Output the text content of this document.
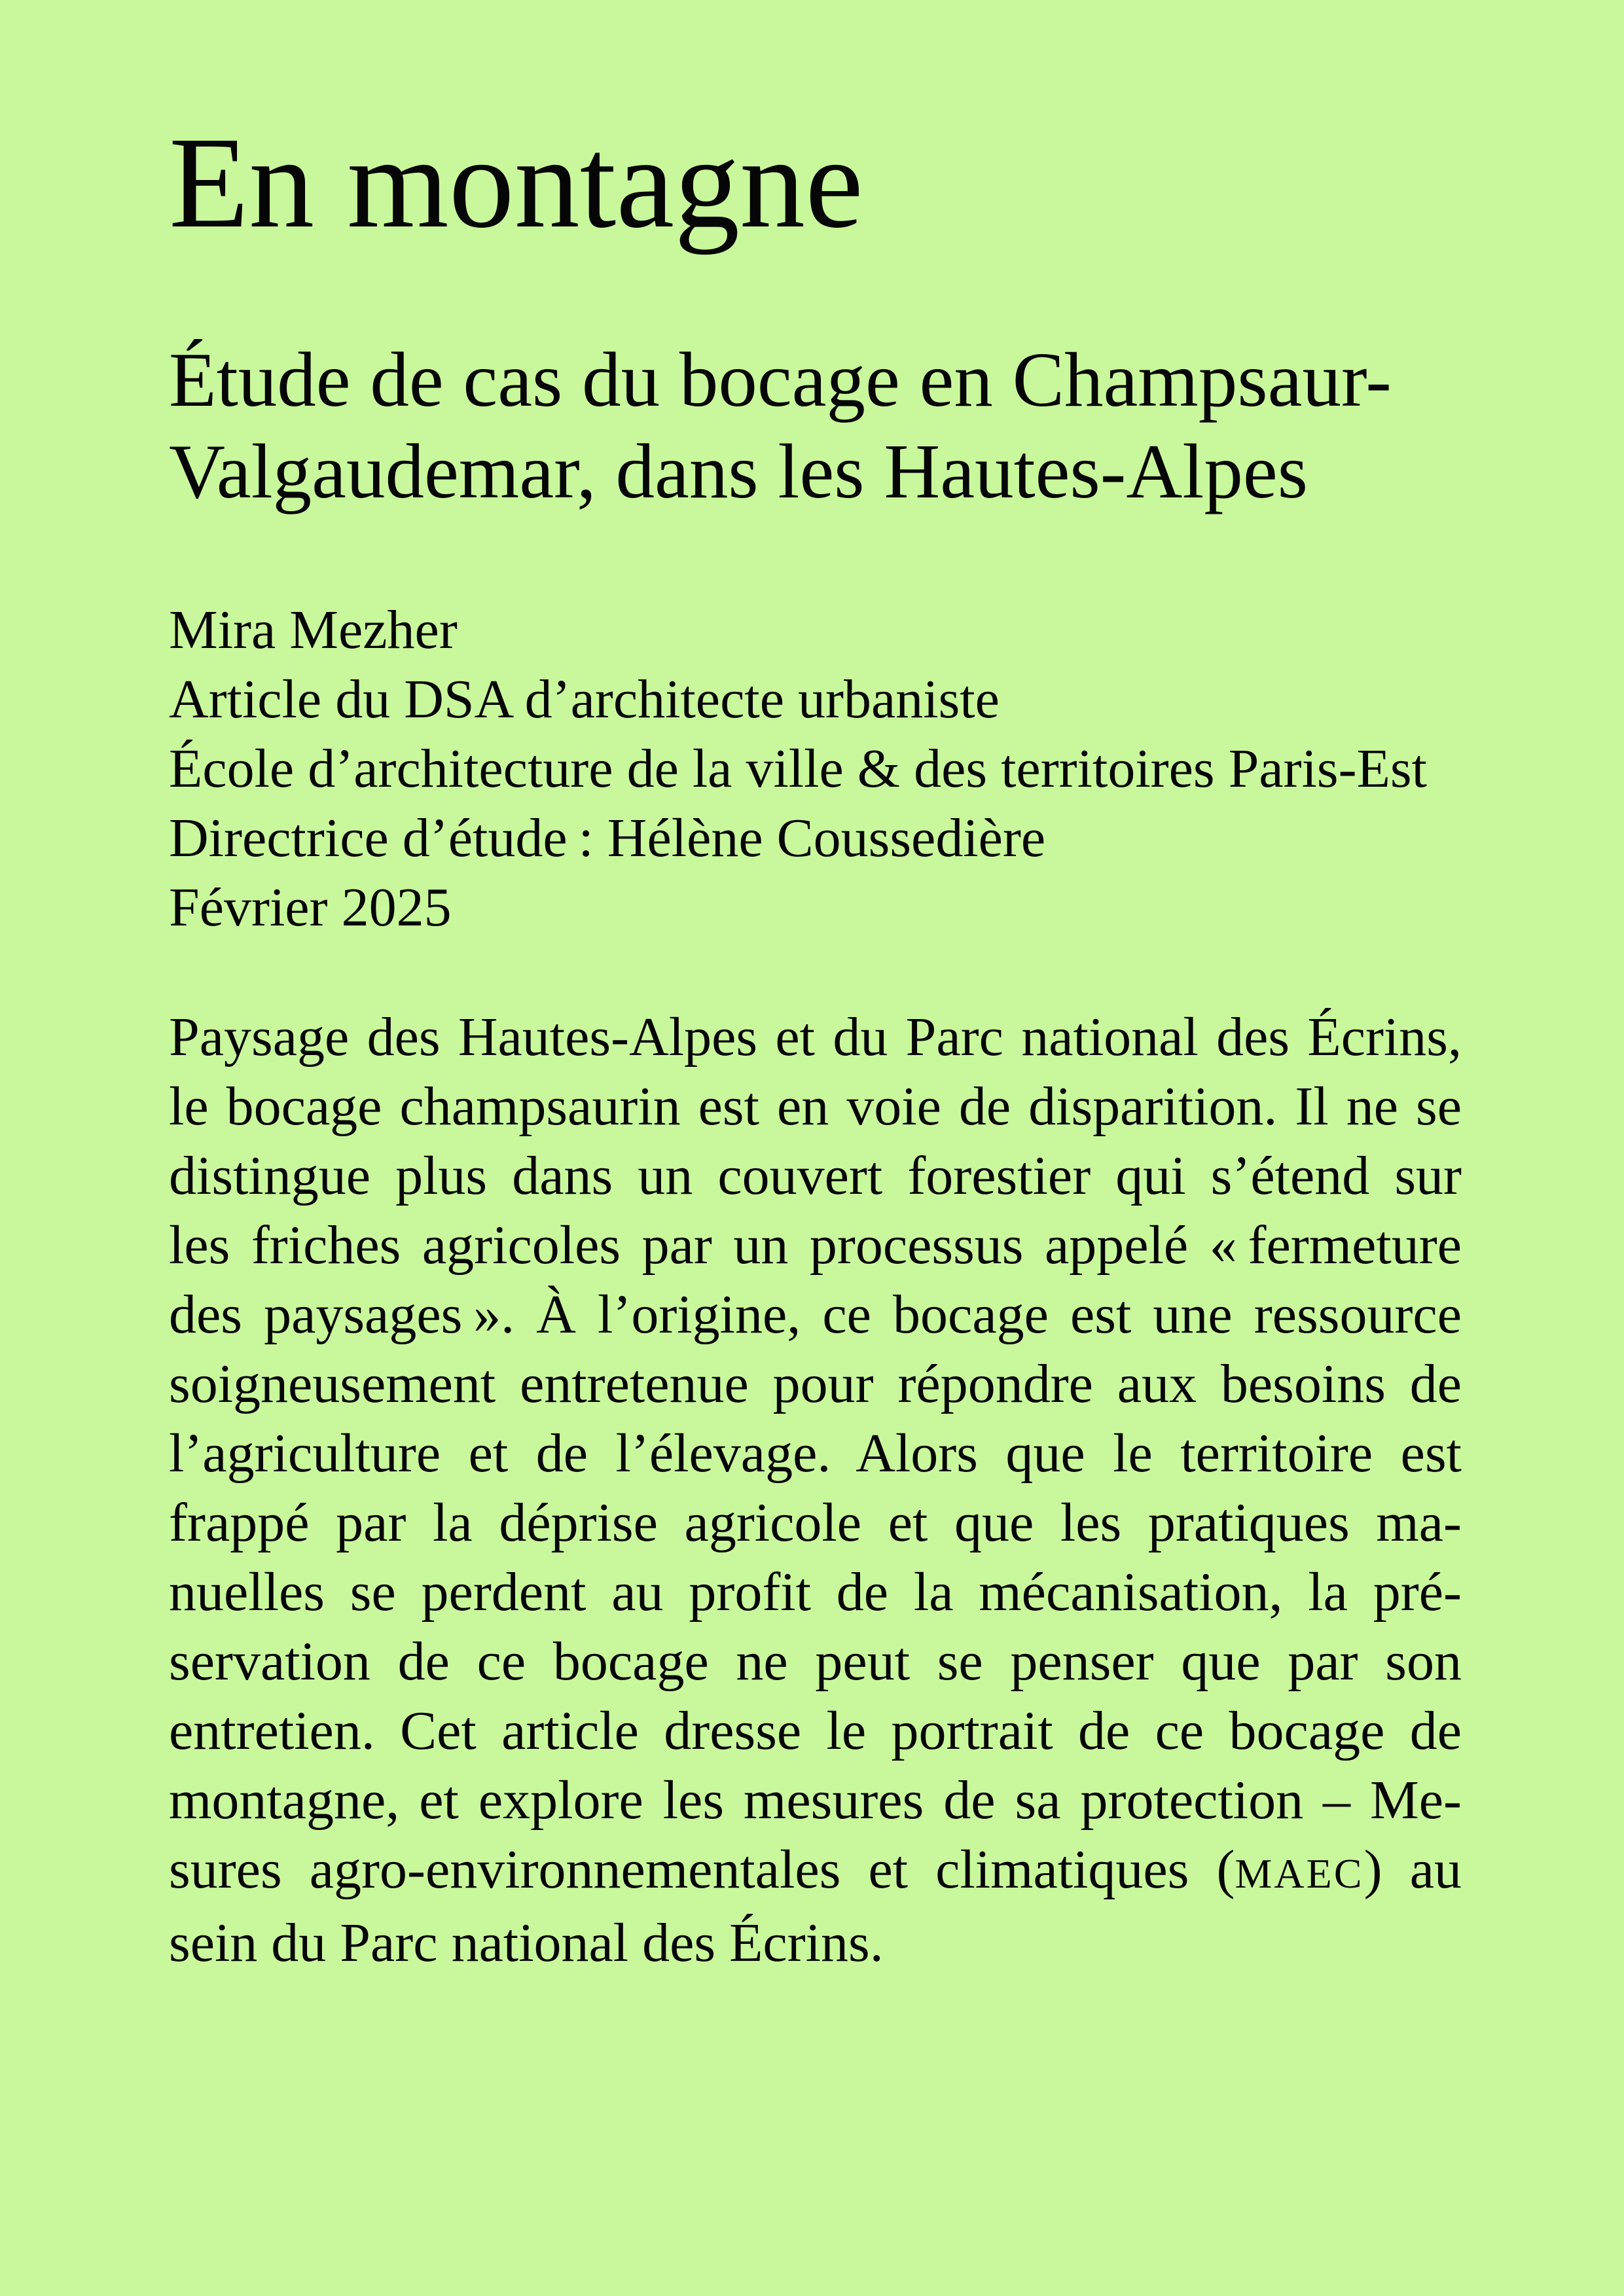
En montagne
Étude de cas du bocage en Champsaur-
Valgaudemar, dans les Hautes-Alpes
Mira Mezher
Article du DSA d’architecte urbaniste
École d’architecture de la ville & des territoires Paris-Est
Directrice d’étude : Hélène Coussedière
Février 2025
Paysage des Hautes-Alpes et du Parc national des Écrins,
le bocage champsaurin est en voie de disparition. Il ne se
distingue plus dans un couvert forestier qui s’étend sur
les friches agricoles par un processus appelé « fermeture
des paysages ». À l’origine, ce bocage est une ressource
soigneusement entretenue pour répondre aux besoins de
l’agriculture et de l’élevage. Alors que le territoire est
frappé par la déprise agricole et que les pratiques ma-
nuelles se perdent au profit de la mécanisation, la pré-
servation de ce bocage ne peut se penser que par son
entretien. Cet article dresse le portrait de ce bocage de
montagne, et explore les mesures de sa protection – Me-
sures agro-environnementales et climatiques (MAEC) au
sein du Parc national des Écrins.
